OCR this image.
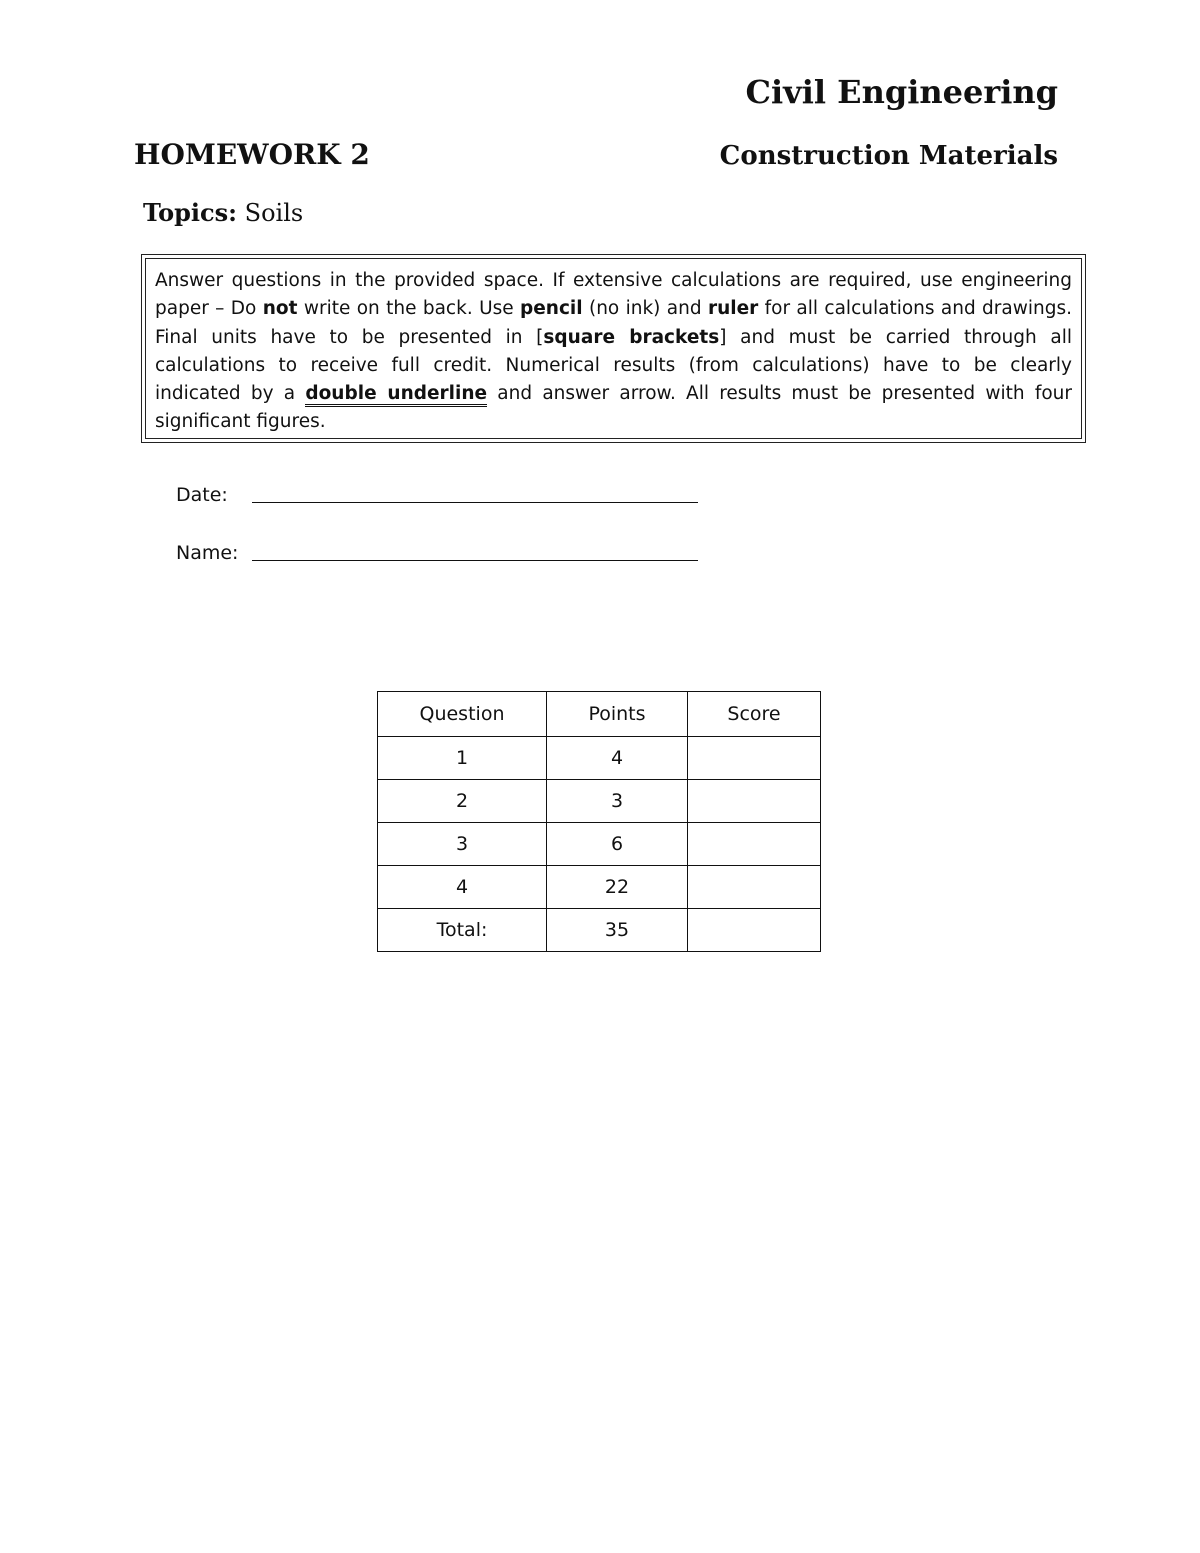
Civil Engineering
HOMEWORK 2	Construction Materials
Topics: Soils
Answer questions in the provided space. If extensive calculations are required, use engineering paper – Do not write on the back. Use pencil (no ink) and ruler for all calculations and drawings. Final units have to be presented in [square brackets] and must be carried through all calculations to receive full credit. Numerical results (from calculations) have to be clearly indicated by a double underline and answer arrow. All results must be presented with four significant figures.
Date:
Name:
Question	Points	Score
1	4	
2	3	
3	6	
4	22	
Total:	35	
